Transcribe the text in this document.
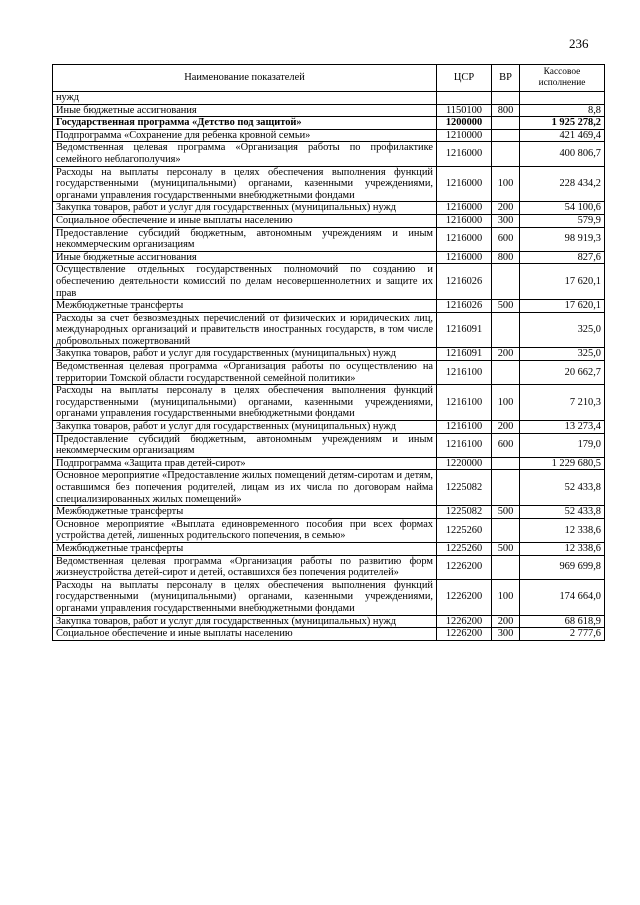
236
Наименование показателей	ЦСР	ВР	Кассовое исполнение
нужд			
Иные бюджетные ассигнования	1150100	800	8,8
Государственная программа «Детство под защитой»	1200000		1 925 278,2
Подпрограмма «Сохранение для ребенка кровной семьи»	1210000		421 469,4
Ведомственная целевая программа «Организация работы по профилактике семейного неблагополучия»	1216000		400 806,7
Расходы на выплаты персоналу в целях обеспечения выполнения функций государственными (муниципальными) органами, казенными учреждениями, органами управления государственными внебюджетными фондами	1216000	100	228 434,2
Закупка товаров, работ и услуг для государственных (муниципальных) нужд	1216000	200	54 100,6
Социальное обеспечение и иные выплаты населению	1216000	300	579,9
Предоставление субсидий бюджетным, автономным учреждениям и иным некоммерческим организациям	1216000	600	98 919,3
Иные бюджетные ассигнования	1216000	800	827,6
Осуществление отдельных государственных полномочий по созданию и обеспечению деятельности комиссий по делам несовершеннолетних и защите их прав	1216026		17 620,1
Межбюджетные трансферты	1216026	500	17 620,1
Расходы за счет безвозмездных перечислений от физических и юридических лиц, международных организаций и правительств иностранных государств, в том числе добровольных пожертвований	1216091		325,0
Закупка товаров, работ и услуг для государственных (муниципальных) нужд	1216091	200	325,0
Ведомственная целевая программа «Организация работы по осуществлению на территории Томской области государственной семейной политики»	1216100		20 662,7
Расходы на выплаты персоналу в целях обеспечения выполнения функций государственными (муниципальными) органами, казенными учреждениями, органами управления государственными внебюджетными фондами	1216100	100	7 210,3
Закупка товаров, работ и услуг для государственных (муниципальных) нужд	1216100	200	13 273,4
Предоставление субсидий бюджетным, автономным учреждениям и иным некоммерческим организациям	1216100	600	179,0
Подпрограмма «Защита прав детей-сирот»	1220000		1 229 680,5
Основное мероприятие «Предоставление жилых помещений детям-сиротам и детям, оставшимся без попечения родителей, лицам из их числа по договорам найма специализированных жилых помещений»	1225082		52 433,8
Межбюджетные трансферты	1225082	500	52 433,8
Основное мероприятие «Выплата единовременного пособия при всех формах устройства детей, лишенных родительского попечения, в семью»	1225260		12 338,6
Межбюджетные трансферты	1225260	500	12 338,6
Ведомственная целевая программа «Организация работы по развитию форм жизнеустройства детей-сирот и детей, оставшихся без попечения родителей»	1226200		969 699,8
Расходы на выплаты персоналу в целях обеспечения выполнения функций государственными (муниципальными) органами, казенными учреждениями, органами управления государственными внебюджетными фондами	1226200	100	174 664,0
Закупка товаров, работ и услуг для государственных (муниципальных) нужд	1226200	200	68 618,9
Социальное обеспечение и иные выплаты населению	1226200	300	2 777,6
